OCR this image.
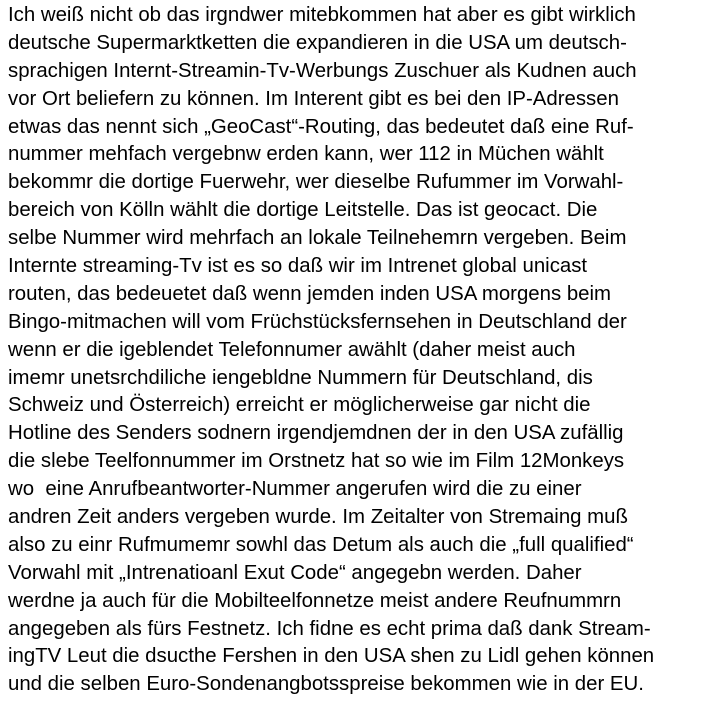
Ich weiß nicht ob das irgndwer mitebkommen hat aber es gibt wirklich
deutsche Supermarktketten die expandieren in die USA um deutsch-
sprachigen Internt-Streamin-Tv-Werbungs Zuschuer als Kudnen auch
vor Ort beliefern zu können. Im Interent gibt es bei den IP-Adressen
etwas das nennt sich „GeoCast“-Routing, das bedeutet daß eine Ruf-
nummer mehfach vergebnw erden kann, wer 112 in Müchen wählt
bekommr die dortige Fuerwehr, wer dieselbe Rufummer im Vorwahl-
bereich von Kölln wählt die dortige Leitstelle. Das ist geocact. Die
selbe Nummer wird mehrfach an lokale Teilnehemrn vergeben. Beim
Internte streaming-Tv ist es so daß wir im Intrenet global unicast
routen, das bedeuetet daß wenn jemden inden USA morgens beim
Bingo-mitmachen will vom Früchstücksfernsehen in Deutschland der
wenn er die igeblendet Telefonnumer awählt (daher meist auch
imemr unetsrchdiliche iengebldne Nummern für Deutschland, dis
Schweiz und Österreich) erreicht er möglicherweise gar nicht die
Hotline des Senders sodnern irgendjemdnen der in den USA zufällig
die slebe Teelfonnummer im Orstnetz hat so wie im Film 12Monkeys
wo  eine Anrufbeantworter-Nummer angerufen wird die zu einer
andren Zeit anders vergeben wurde. Im Zeitalter von Stremaing muß
also zu einr Rufmumemr sowhl das Detum als auch die „full qualified“
Vorwahl mit „Intrenatioanl Exut Code“ angegebn werden. Daher
werdne ja auch für die Mobilteelfonnetze meist andere Reufnummrn
angegeben als fürs Festnetz. Ich fidne es echt prima daß dank Stream-
ingTV Leut die dsucthe Fershen in den USA shen zu Lidl gehen können
und die selben Euro-Sondenangbotsspreise bekommen wie in der EU.
